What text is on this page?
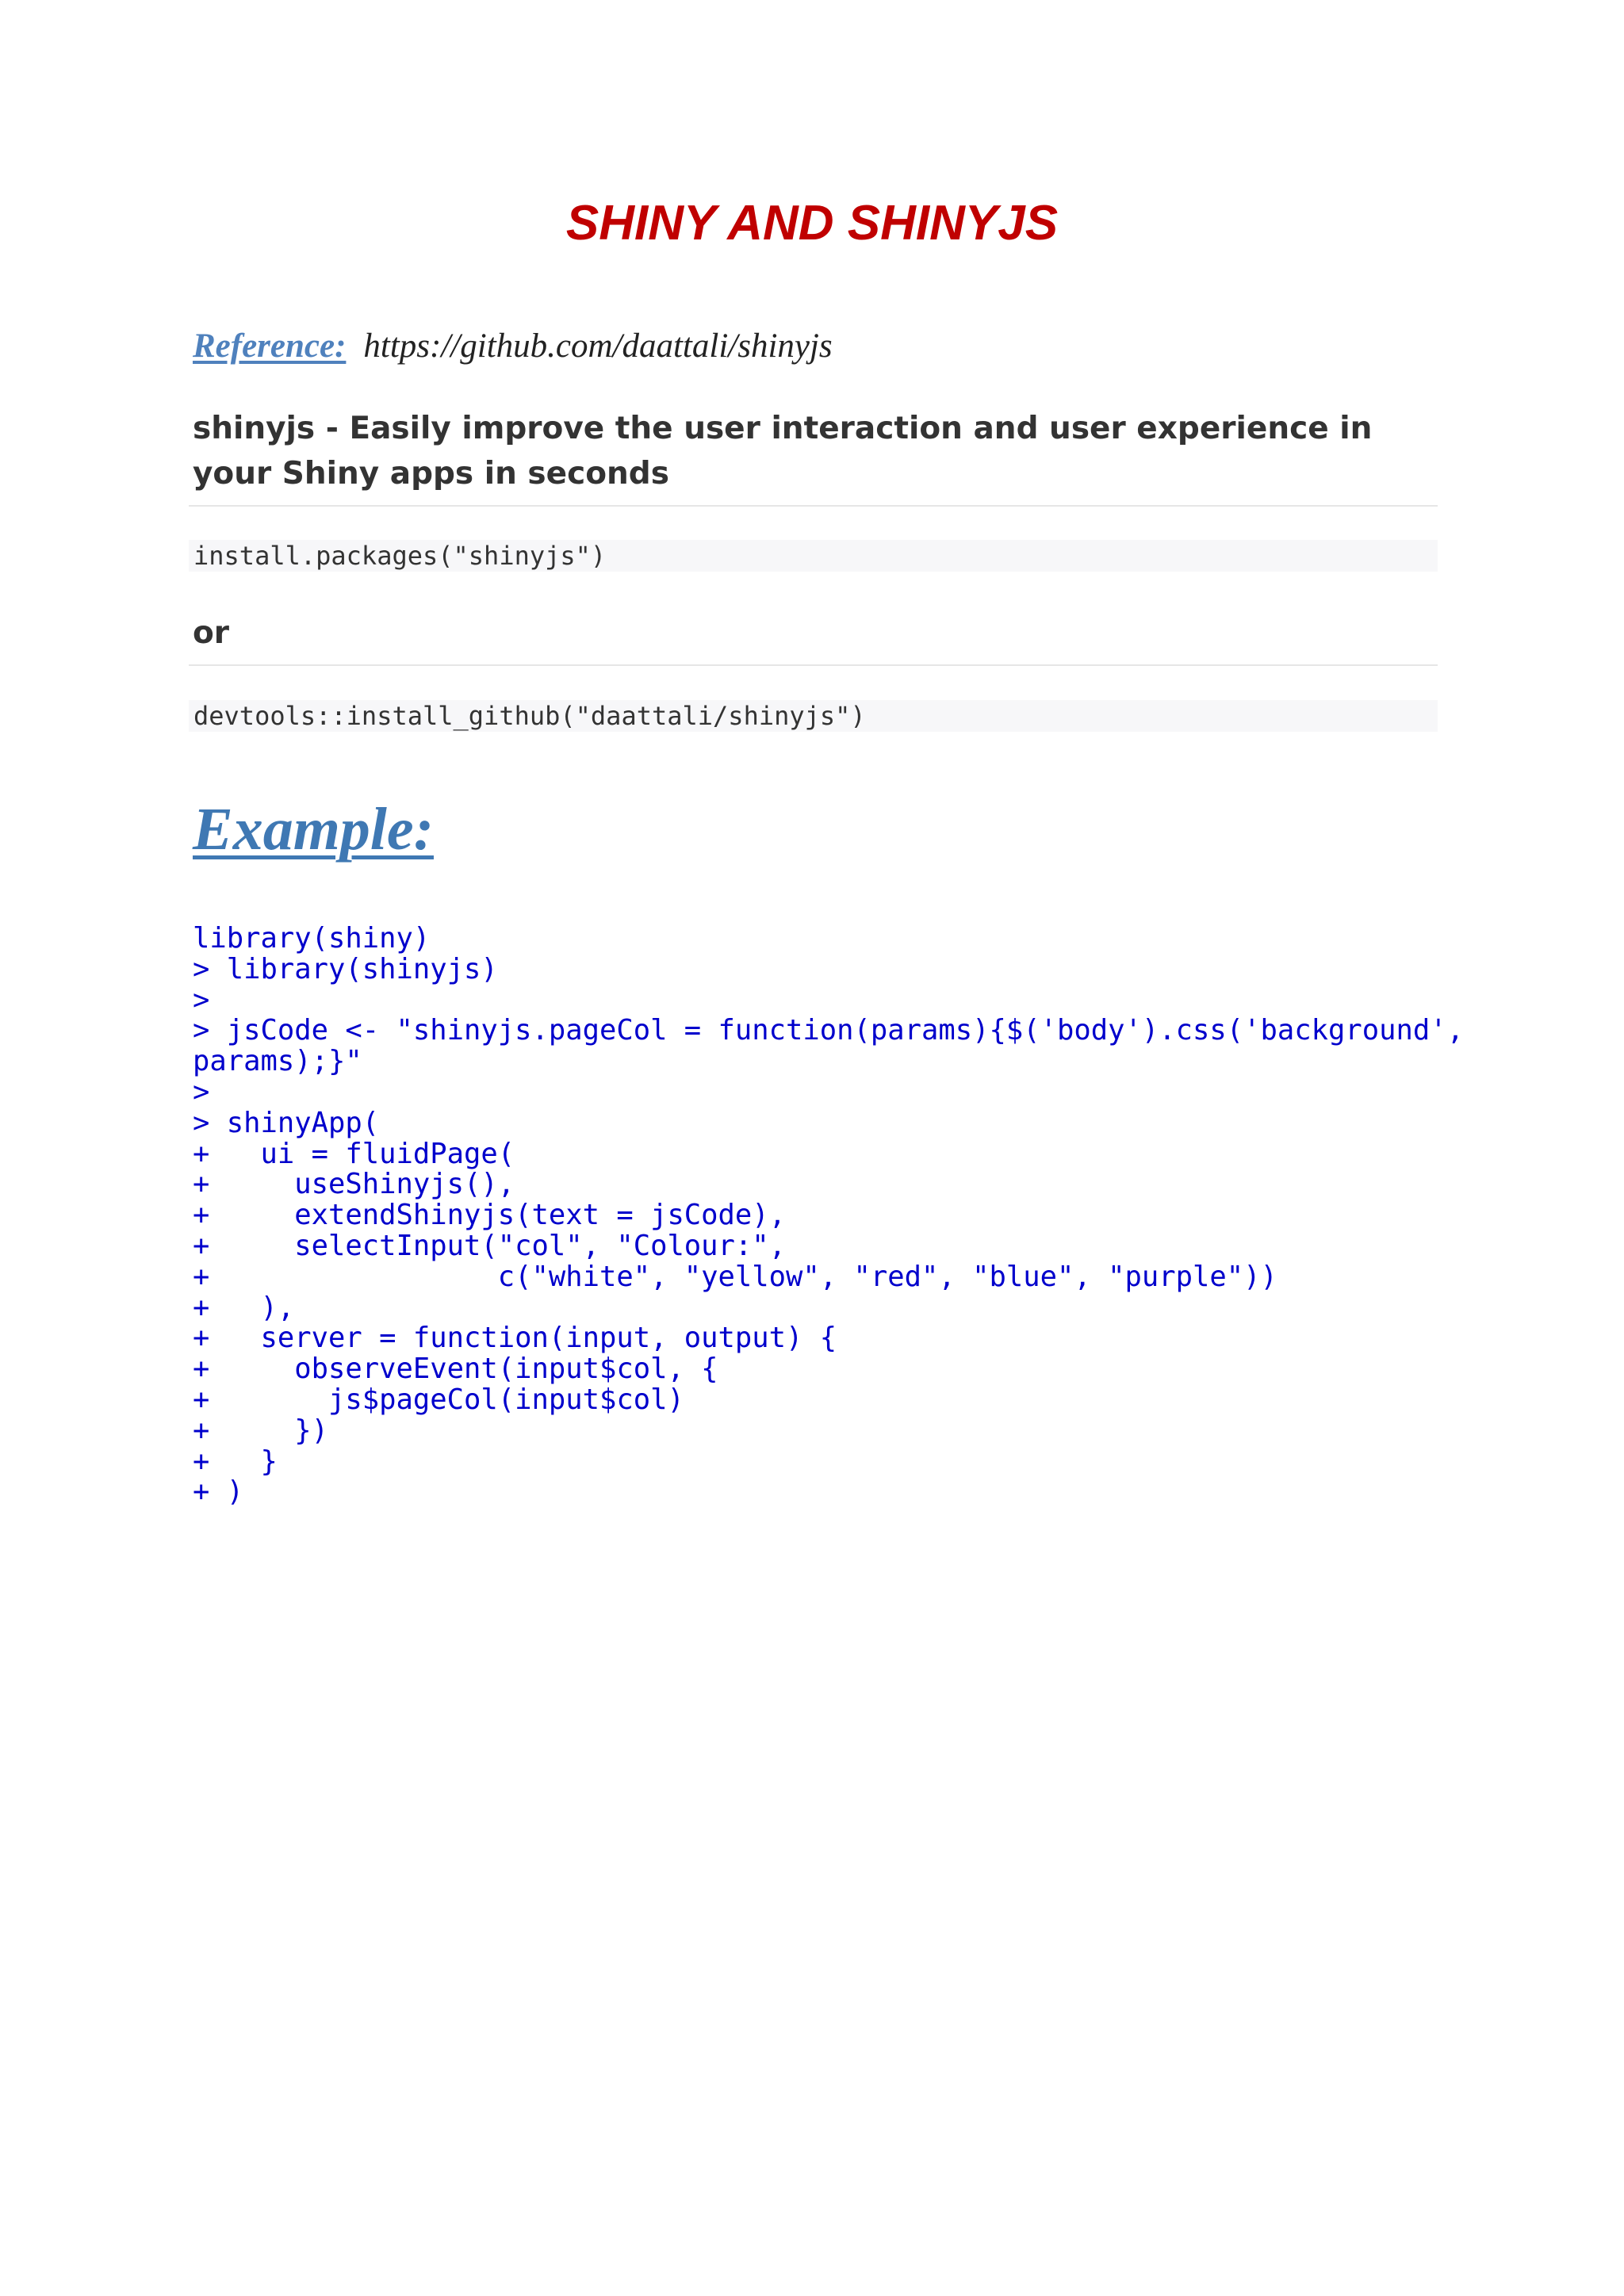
SHINY AND SHINYJS
Reference: https://github.com/daattali/shinyjs
shinyjs - Easily improve the user interaction and user experience in your Shiny apps in seconds
install.packages("shinyjs")
or
devtools::install_github("daattali/shinyjs")
Example:
library(shiny)
> library(shinyjs)
>
> jsCode <- "shinyjs.pageCol = function(params){$('body').css('background',
params);}"
>
> shinyApp(
+   ui = fluidPage(
+     useShinyjs(),
+     extendShinyjs(text = jsCode),
+     selectInput("col", "Colour:",
+                 c("white", "yellow", "red", "blue", "purple"))
+   ),
+   server = function(input, output) {
+     observeEvent(input$col, {
+       js$pageCol(input$col)
+     })
+   }
+ )
